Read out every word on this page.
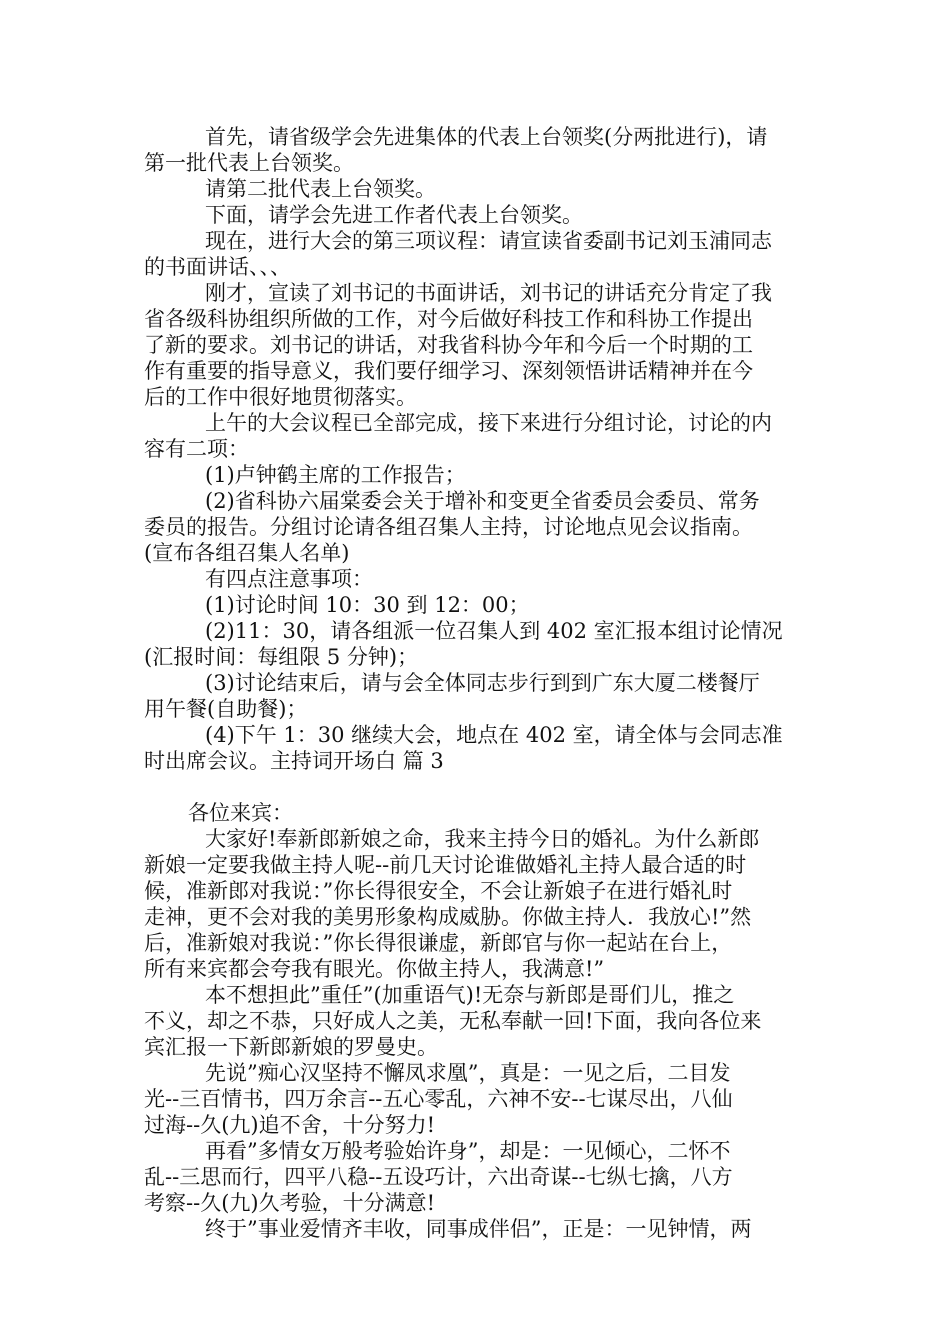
首先，请省级学会先进集体的代表上台领奖(分两批进行)，请
第一批代表上台领奖。
请第二批代表上台领奖。
下面，请学会先进工作者代表上台领奖。
现在，进行大会的第三项议程：请宣读省委副书记刘玉浦同志
的书面讲话、、、
刚才，宣读了刘书记的书面讲话，刘书记的讲话充分肯定了我
省各级科协组织所做的工作，对今后做好科技工作和科协工作提出
了新的要求。刘书记的讲话，对我省科协今年和今后一个时期的工
作有重要的指导意义，我们要仔细学习、深刻领悟讲话精神并在今
后的工作中很好地贯彻落实。
上午的大会议程已全部完成，接下来进行分组讨论，讨论的内
容有二项：
(1)卢钟鹤主席的工作报告；
(2)省科协六届棠委会关于增补和变更全省委员会委员、常务
委员的报告。分组讨论请各组召集人主持，讨论地点见会议指南。
(宣布各组召集人名单)
有四点注意事项：
(1)讨论时间 10：30 到 12：00；
(2)11：30，请各组派一位召集人到 402 室汇报本组讨论情况
(汇报时间：每组限 5 分钟)；
(3)讨论结束后，请与会全体同志步行到到广东大厦二楼餐厅
用午餐(自助餐)；
(4)下午 1：30 继续大会，地点在 402 室，请全体与会同志准
时出席会议。主持词开场白 篇 3
各位来宾：
大家好!奉新郎新娘之命，我来主持今日的婚礼。为什么新郎
新娘一定要我做主持人呢--前几天讨论谁做婚礼主持人最合适的时
候，准新郎对我说：”你长得很安全，不会让新娘子在进行婚礼时
走神，更不会对我的美男形象构成威胁。你做主持人．我放心!”然
后，准新娘对我说：”你长得很谦虚，新郎官与你一起站在台上，
所有来宾都会夸我有眼光。你做主持人，我满意!”
本不想担此”重任”(加重语气)!无奈与新郎是哥们儿，推之
不义，却之不恭，只好成人之美，无私奉献一回!下面，我向各位来
宾汇报一下新郎新娘的罗曼史。
先说”痴心汉坚持不懈凤求凰”，真是：一见之后，二目发
光--三百情书，四万余言--五心零乱，六神不安--七谋尽出，八仙
过海--久(九)追不舍，十分努力!
再看”多情女万般考验始许身”，却是：一见倾心，二怀不
乱--三思而行，四平八稳--五设巧计，六出奇谋--七纵七擒，八方
考察--久(九)久考验，十分满意!
终于”事业爱情齐丰收，同事成伴侣”，正是：一见钟情，两
